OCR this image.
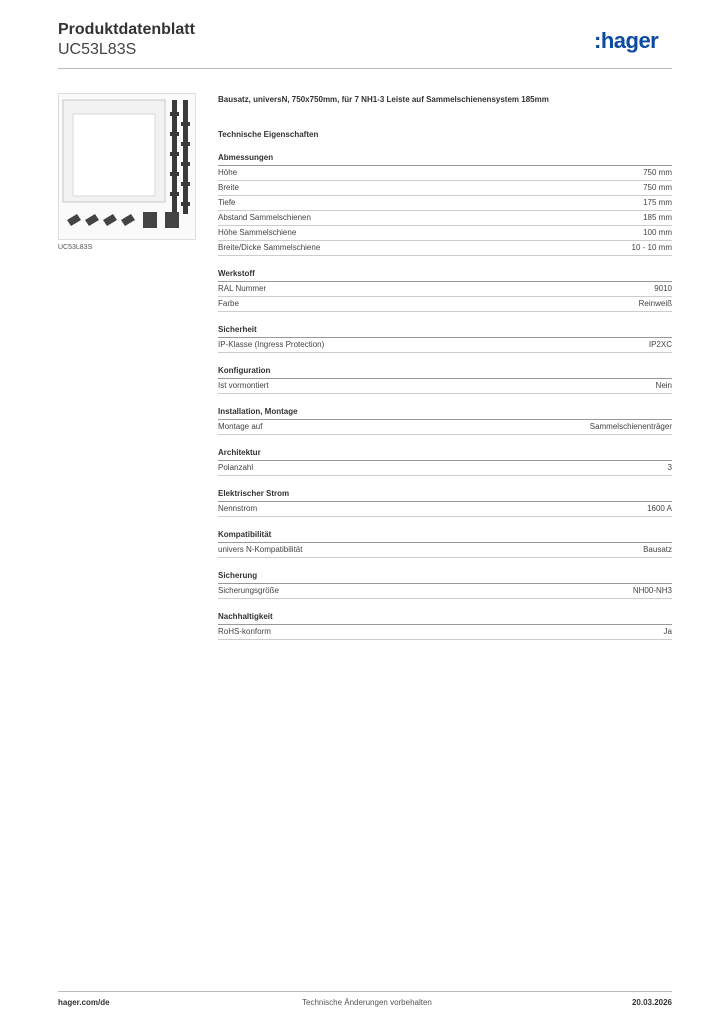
Produktdatenblatt

UC53L83S	:hager
UC53L83S

Bausatz, universN, 750x750mm, für 7 NH1-3 Leiste auf Sammelschienensystem 185mm

Technische Eigenschaften

Abmessungen
Höhe	750 mm
Breite	750 mm
Tiefe	175 mm
Abstand Sammelschienen	185 mm
Höhe Sammelschiene	100 mm
Breite/Dicke Sammelschiene	10 - 10 mm
Werkstoff
RAL Nummer	9010
Farbe	Reinweiß
Sicherheit
IP-Klasse (Ingress Protection)	IP2XC
Konfiguration
Ist vormontiert	Nein
Installation, Montage
Montage auf	Sammelschienenträger
Architektur
Polanzahl	3
Elektrischer Strom
Nennstrom	1600 A
Kompatibilität
univers N-Kompatibilität	Bausatz
Sicherung
Sicherungsgröße	NH00-NH3
Nachhaltigkeit
RoHS-konform	Ja
hager.com/de	Technische Änderungen vorbehalten	20.03.2026
